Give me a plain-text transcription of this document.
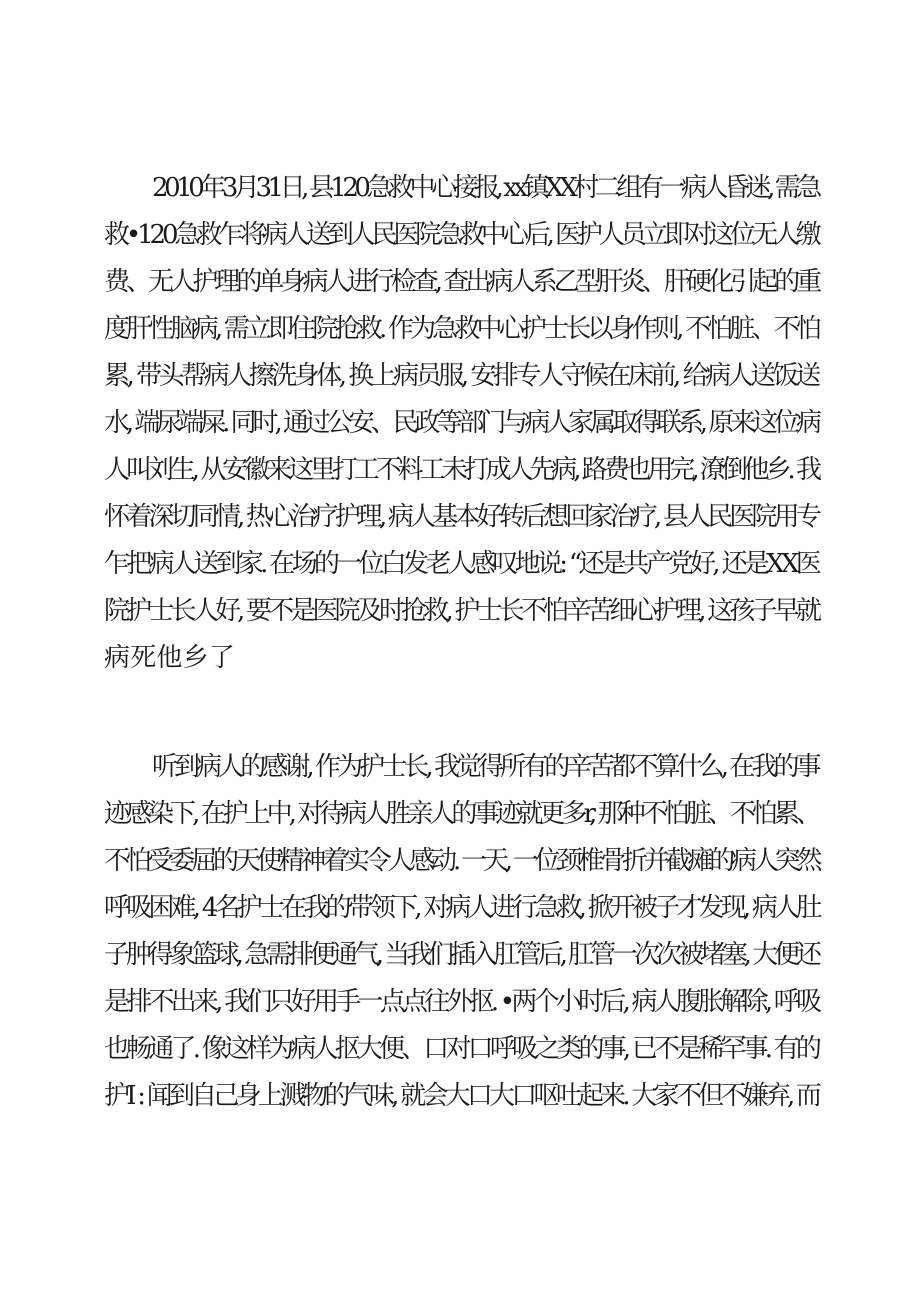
2010年3月31日, 县120急救中心接报, xx镇XX村二组有一病人昏迷, 需急
救•120急救乍将病人送到人民医院急救中心后, 医护人员立即对这位无人缴
费、无人护理的单身病人进行检查, 查出病人系乙型肝炎、肝硬化引起的重
度肝性脑病, 需立即住院抢救. 作为急救中心护士长以身作则, 不怕脏、不怕
累, 带头帮病人擦洗身体, 换上病员服, 安排专人守候在床前, 给病人送饭送
水, 端尿端屎. 同时, 通过公安、民政等部门与病人家属取得联系, 原来这位病
人叫刘生, 从安徽来这里打工不料工未打成人先病, 路费也用完, 潦倒他乡. 我
怀着深切同情, 热心治疗护理, 病人基本好转后想回家治疗, 县人民医院用专
乍把病人送到家. 在场的一位白发老人感叹地说: “还是共产党好, 还是XX医
院护士长人好, 要不是医院及时抢救, 护士长不怕辛苦细心护理, 这孩子早就
病死他乡了
听到病人的感谢, 作为护士长, 我觉得所有的辛苦都不算什么, 在我的事
迹感染下, 在护上中, 对待病人胜亲人的事迹就更多r, 那种不怕脏、不怕累、
不怕受委屈的天使精神着实令人感动. 一天, 一位颈椎骨折并截瘫的病人突然
呼吸困难, 4名护士在我的带领下, 对病人进行急救, 掀开被子才发现, 病人肚
子肿得象篮球, 急需排便通气, 当我们插入肛管后, 肛管一次次被堵塞, 大便还
是排不出来, 我们只好用手一点点往外抠. •两个小时后, 病人腹胀解除, 呼吸
也畅通了. 像这样为病人抠大便、口对口呼吸之类的事, 已不是稀罕事. 有的
护I : 闻到自己身上溅物的气味, 就会大口大口呕吐起来. 大家不但不嫌弃, 而
